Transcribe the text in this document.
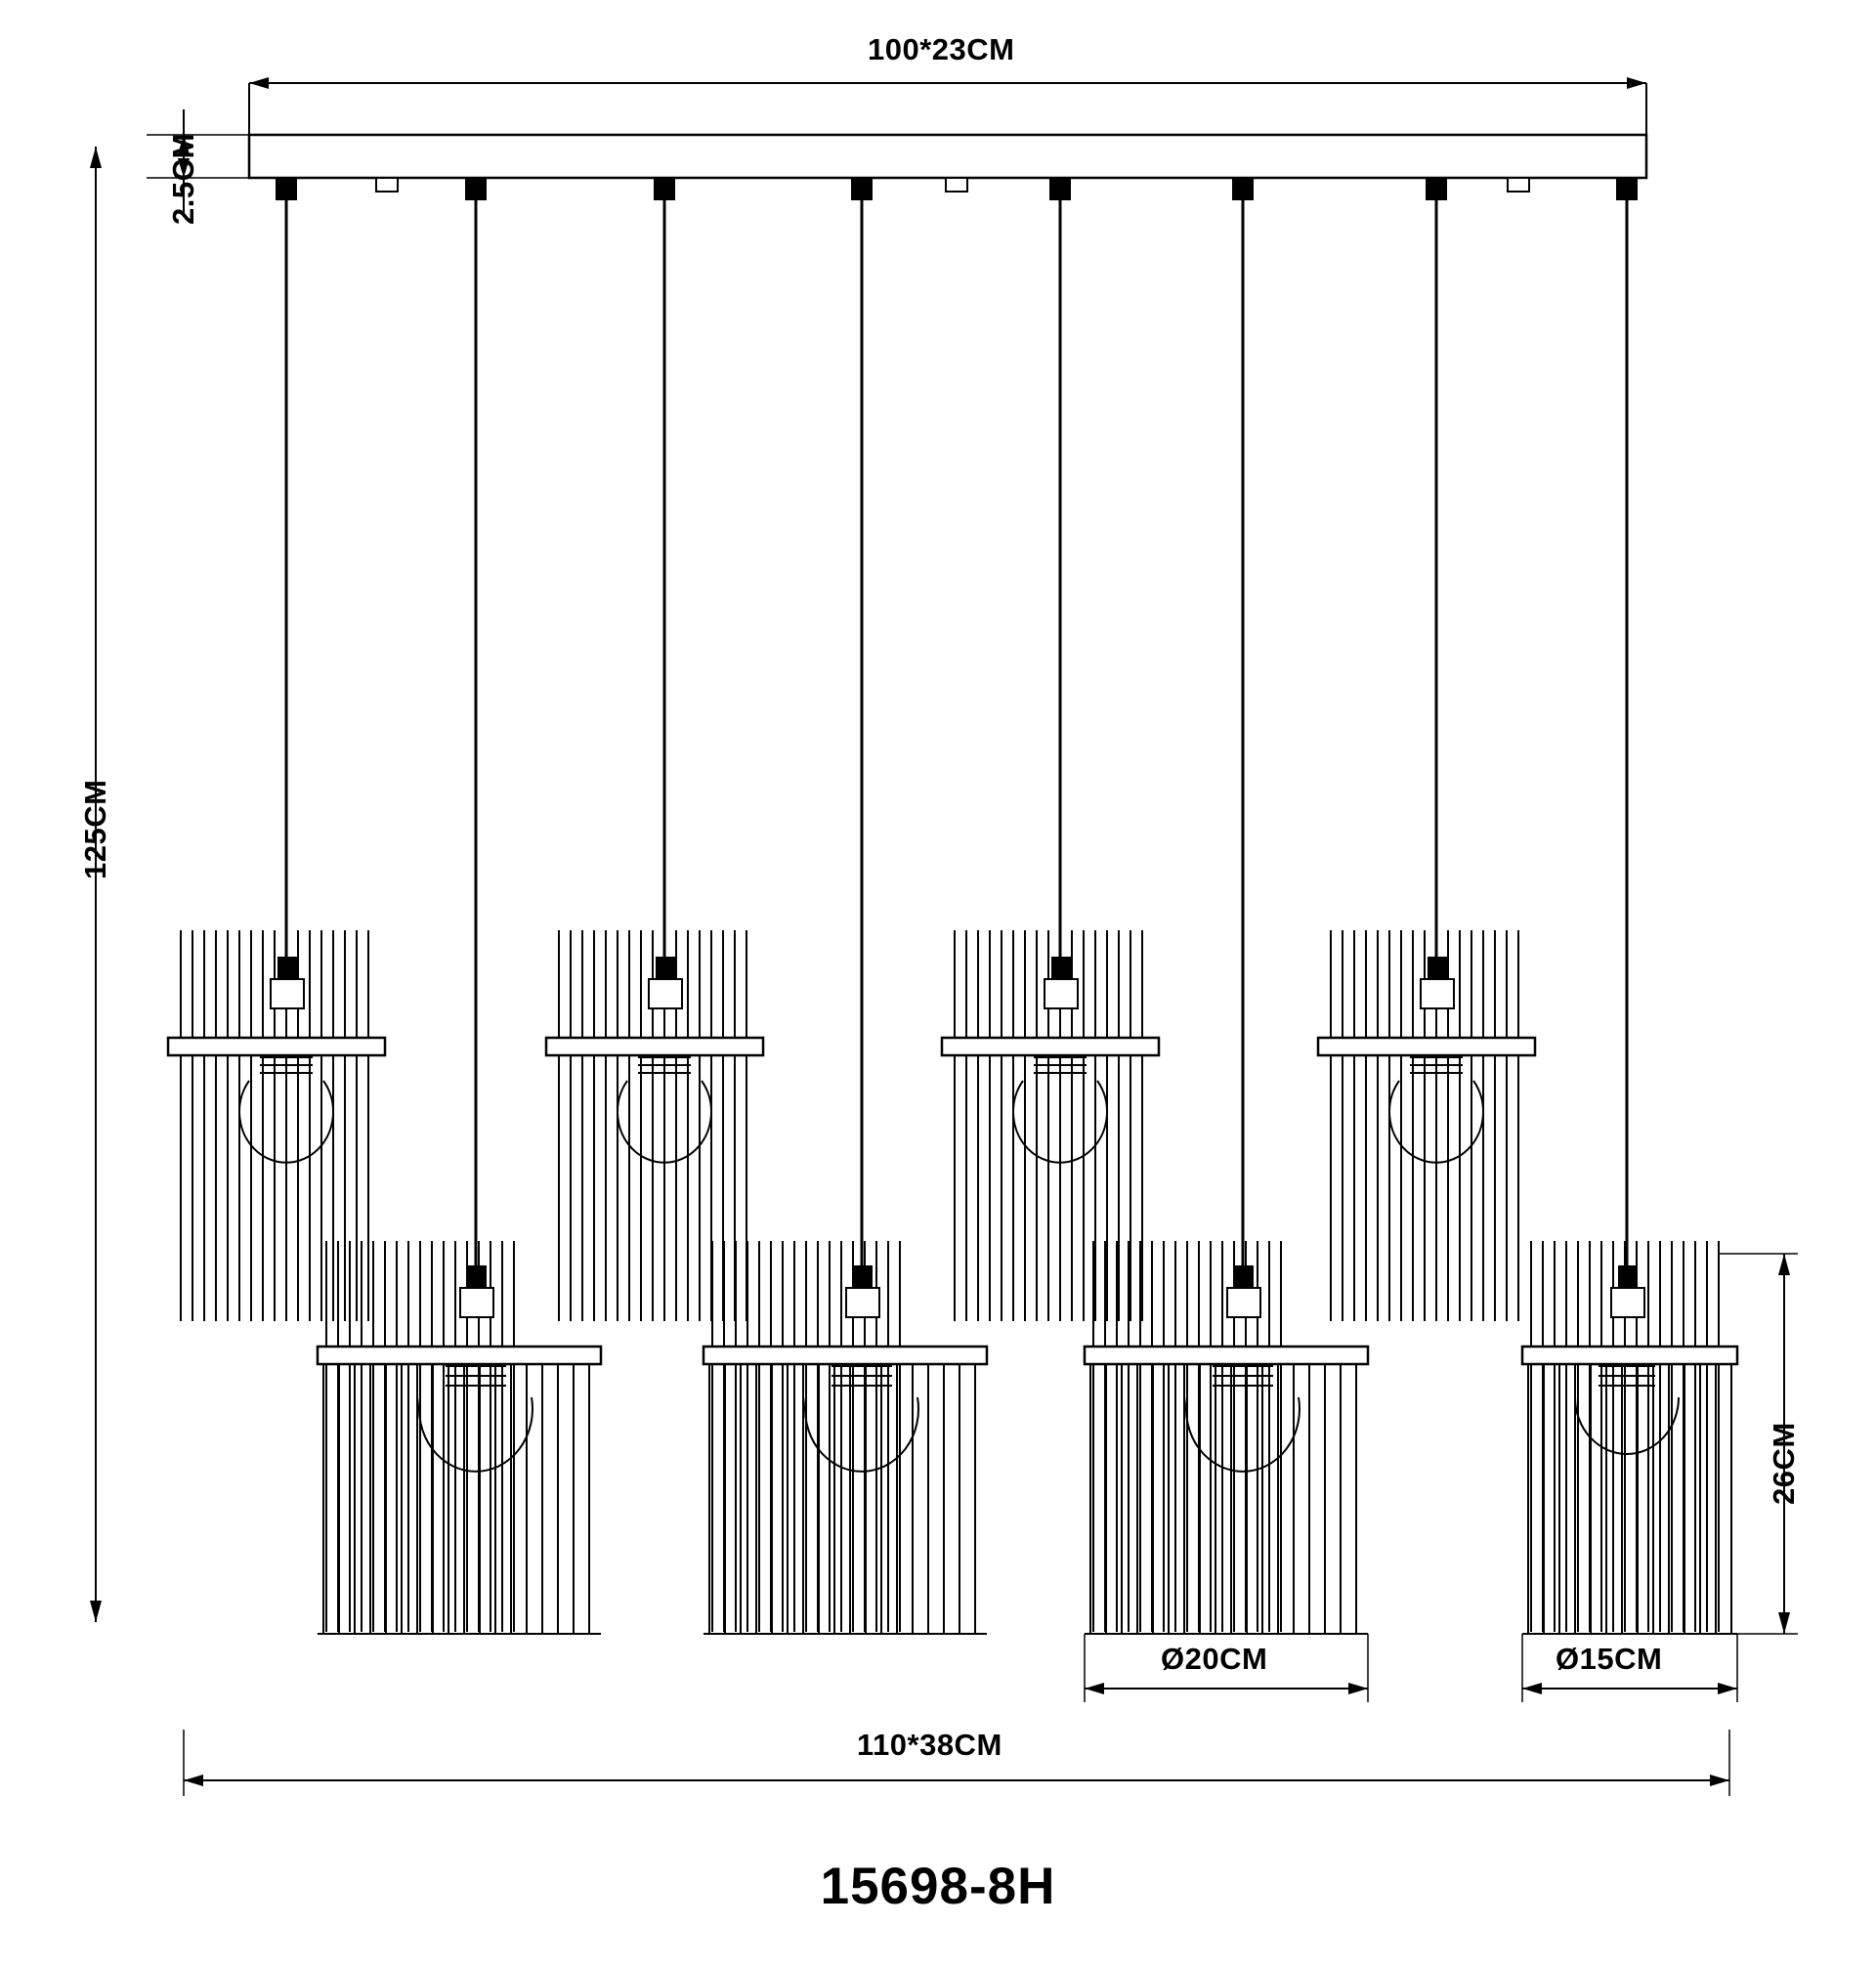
100*23CM
2.5CM
125CM
26CM
Ø20CM	Ø15CM
110*38CM
15698-8H
